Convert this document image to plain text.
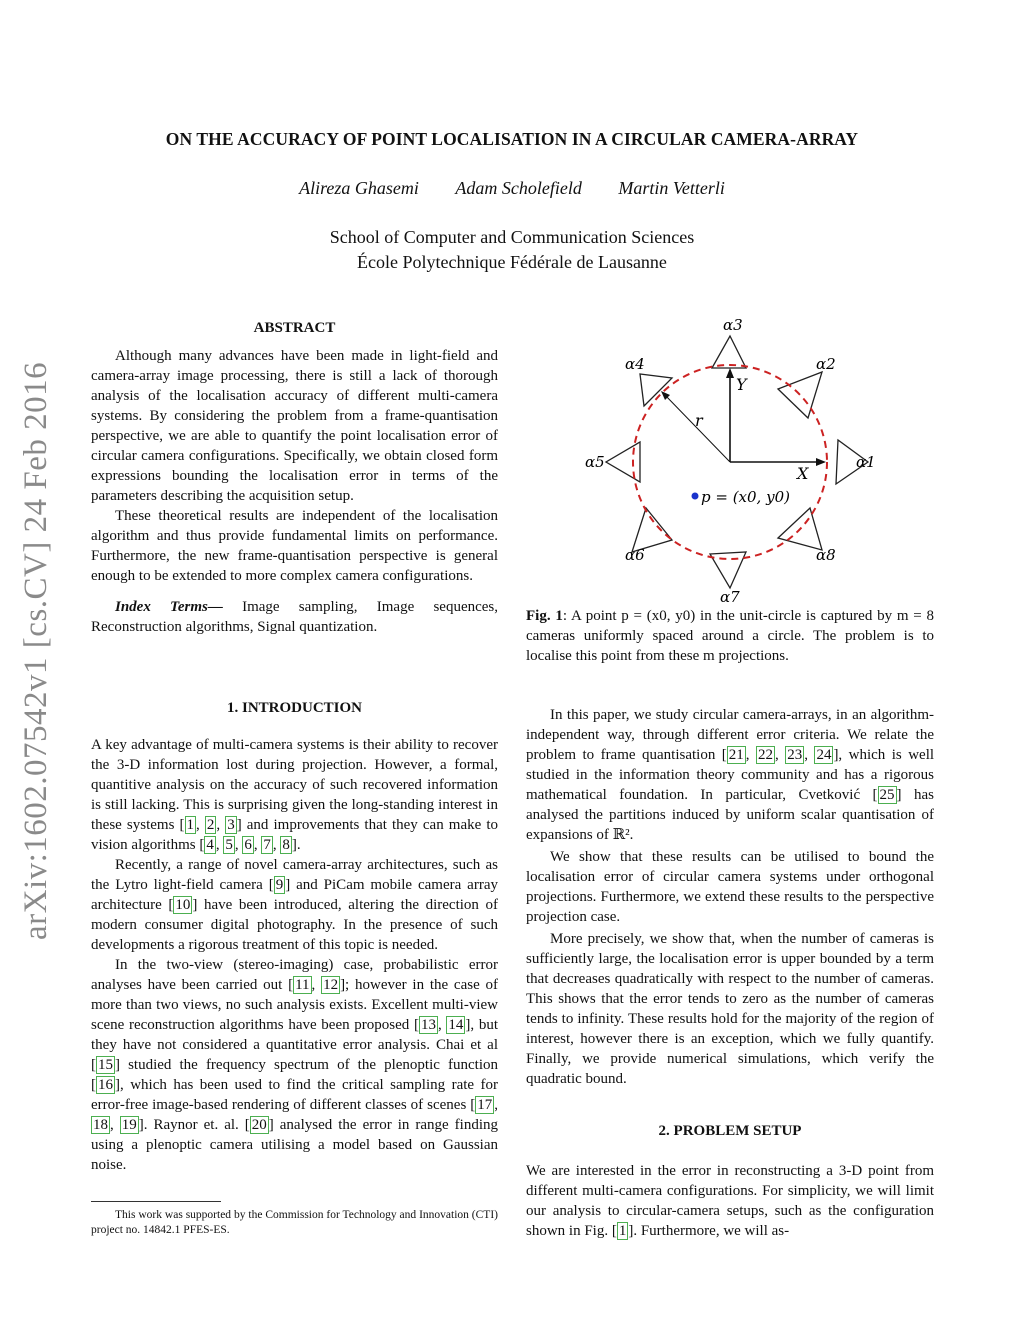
arXiv:1602.07542v1 [cs.CV] 24 Feb 2016
ON THE ACCURACY OF POINT LOCALISATION IN A CIRCULAR CAMERA-ARRAY
Alireza Ghasemi Adam Scholefield Martin Vetterli
School of Computer and Communication Sciences
École Polytechnique Fédérale de Lausanne
ABSTRACT

Although many advances have been made in light-field and camera-array image processing, there is still a lack of thorough analysis of the localisation accuracy of different multi-camera systems. By considering the problem from a frame-quantisation perspective, we are able to quantify the point localisation error of circular camera configurations. Specifically, we obtain closed form expressions bounding the localisation error in terms of the parameters describing the acquisition setup.

These theoretical results are independent of the localisation algorithm and thus provide fundamental limits on performance. Furthermore, the new frame-quantisation perspective is general enough to be extended to more complex camera configurations.

Index Terms— Image sampling, Image sequences, Reconstruction algorithms, Signal quantization.

1. INTRODUCTION

A key advantage of multi-camera systems is their ability to recover the 3-D information lost during projection. However, a formal, quantitive analysis on the accuracy of such recovered information is still lacking. This is surprising given the long-standing interest in these systems [ 1 , 2 , 3 ] and improvements that they can make to vision algorithms [ 4 , 5 , 6 , 7 , 8 ].

Recently, a range of novel camera-array architectures, such as the Lytro light-field camera [ 9 ] and PiCam mobile camera array architecture [ 10 ] have been introduced, altering the direction of modern consumer digital photography. In the presence of such developments a rigorous treatment of this topic is needed.

In the two-view (stereo-imaging) case, probabilistic error analyses have been carried out [ 11 , 12 ]; however in the case of more than two views, no such analysis exists. Excellent multi-view scene reconstruction algorithms have been proposed [ 13 , 14 ], but they have not considered a quantitative error analysis. Chai et al [ 15 ] studied the frequency spectrum of the plenoptic function [ 16 ], which has been used to find the critical sampling rate for error-free image-based rendering of different classes of scenes [ 17 , 18 , 19 ]. Raynor et. al. [ 20 ] analysed the error in range finding using a plenoptic camera utilising a model based on Gaussian noise.

This work was supported by the Commission for Technology and Innovation (CTI) project no. 14842.1 PFES-ES.
α1
α2
α3
α4
α5
α6
α7
α8
X
Y
r
p = (x0, y0)
Fig. 1: A point p = (x0, y0) in the unit-circle is captured by m = 8 cameras uniformly spaced around a circle. The problem is to localise this point from these m projections.

In this paper, we study circular camera-arrays, in an algorithm-independent way, through different error criteria. We relate the problem to frame quantisation [ 21 , 22 , 23 , 24 ], which is well studied in the information theory community and has a rigorous mathematical foundation. In particular, Cvetković [ 25 ] has analysed the partitions induced by uniform scalar quantisation of expansions of ℝ².

We show that these results can be utilised to bound the localisation error of circular camera systems under orthogonal projections. Furthermore, we extend these results to the perspective projection case.

More precisely, we show that, when the number of cameras is sufficiently large, the localisation error is upper bounded by a term that decreases quadratically with respect to the number of cameras. This shows that the error tends to zero as the number of cameras tends to infinity. These results hold for the majority of the region of interest, however there is an exception, which we fully quantify. Finally, we provide numerical simulations, which verify the quadratic bound.

2. PROBLEM SETUP

We are interested in the error in reconstructing a 3-D point from different multi-camera configurations. For simplicity, we will limit our analysis to circular-camera setups, such as the configuration shown in Fig. [ 1 ]. Furthermore, we will as-
